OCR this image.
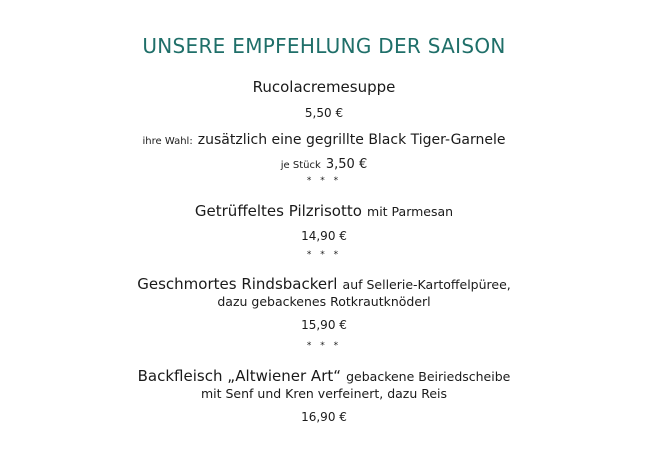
UNSERE EMPFEHLUNG DER SAISON
Rucolacremesuppe
5,50 €
ihre Wahl: zusätzlich eine gegrillte Black Tiger-Garnele
je Stück 3,50 €
* * *
Getrüffeltes Pilzrisotto mit Parmesan
14,90 €
* * *
Geschmortes Rindsbackerl auf Sellerie-Kartoffelpüree,
dazu gebackenes Rotkrautknöderl
15,90 €
* * *
Backfleisch „Altwiener Art“ gebackene Beiriedscheibe
mit Senf und Kren verfeinert, dazu Reis
16,90 €
